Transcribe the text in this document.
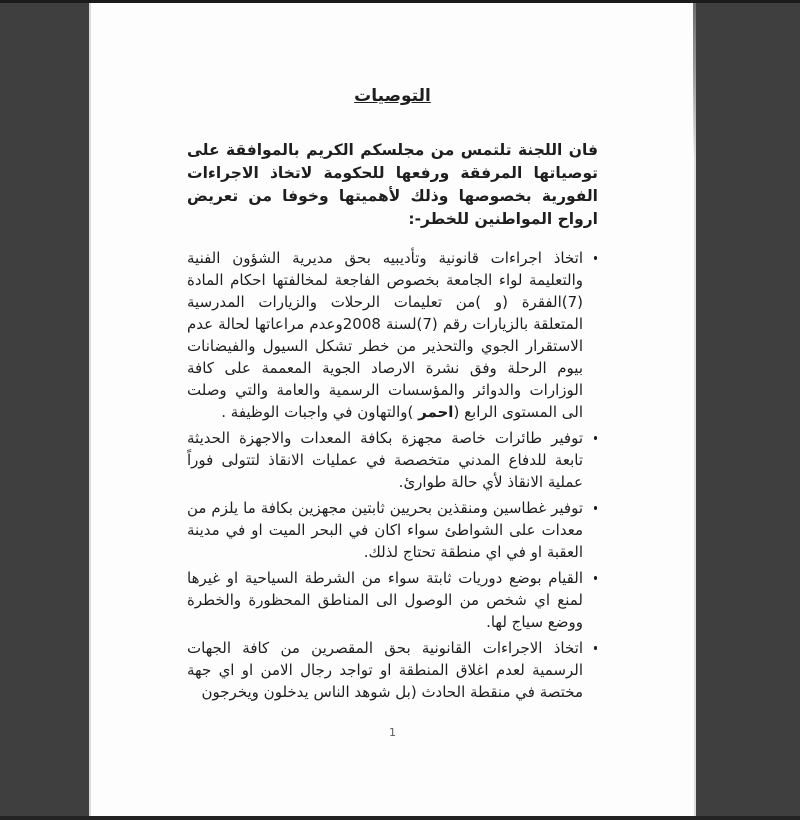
التوصيات

فان اللجنة تلتمس من مجلسكم الكريم بالموافقة على توصياتها المرفقة ورفعها للحكومة لاتخاذ الاجراءات الفورية بخصوصها وذلك لأهميتها وخوفا من تعريض ارواح المواطنين للخطر-:

اتخاذ اجراءات قانونية وتأديبيه بحق مديرية الشؤون الفنية والتعليمة لواء الجامعة بخصوص الفاجعة لمخالفتها احكام المادة (7)الفقرة (و )من تعليمات الرحلات والزيارات المدرسية المتعلقة بالزيارات رقم (7)لسنة 2008وعدم مراعاتها لحالة عدم الاستقرار الجوي والتحذير من خطر تشكل السيول والفيضانات بيوم الرحلة وفق نشرة الارصاد الجوية المعممة على كافة الوزارات والدوائر والمؤسسات الرسمية والعامة والتي وصلت الى المستوى الرابع (احمر )والتهاون في واجبات الوظيفة .
توفير طائرات خاصة مجهزة بكافة المعدات والاجهزة الحديثة تابعة للدفاع المدني متخصصة في عمليات الانقاذ لتتولى فوراً عملية الانقاذ لأي حالة طوارئ.
توفير غطاسين ومنقذين بحريين ثابتين مجهزين بكافة ما يلزم من معدات على الشواطئ سواء اكان في البحر الميت او في مدينة العقبة او في اي منطقة تحتاج لذلك.
القيام بوضع دوريات ثابتة سواء من الشرطة السياحية او غيرها لمنع اي شخص من الوصول الى المناطق المحظورة والخطرة ووضع سياج لها.
اتخاذ الاجراءات القانونية بحق المقصرين من كافة الجهات الرسمية لعدم اغلاق المنطقة او تواجد رجال الامن او اي جهة مختصة في منقطة الحادث (بل شوهد الناس يدخلون ويخرجون
1
